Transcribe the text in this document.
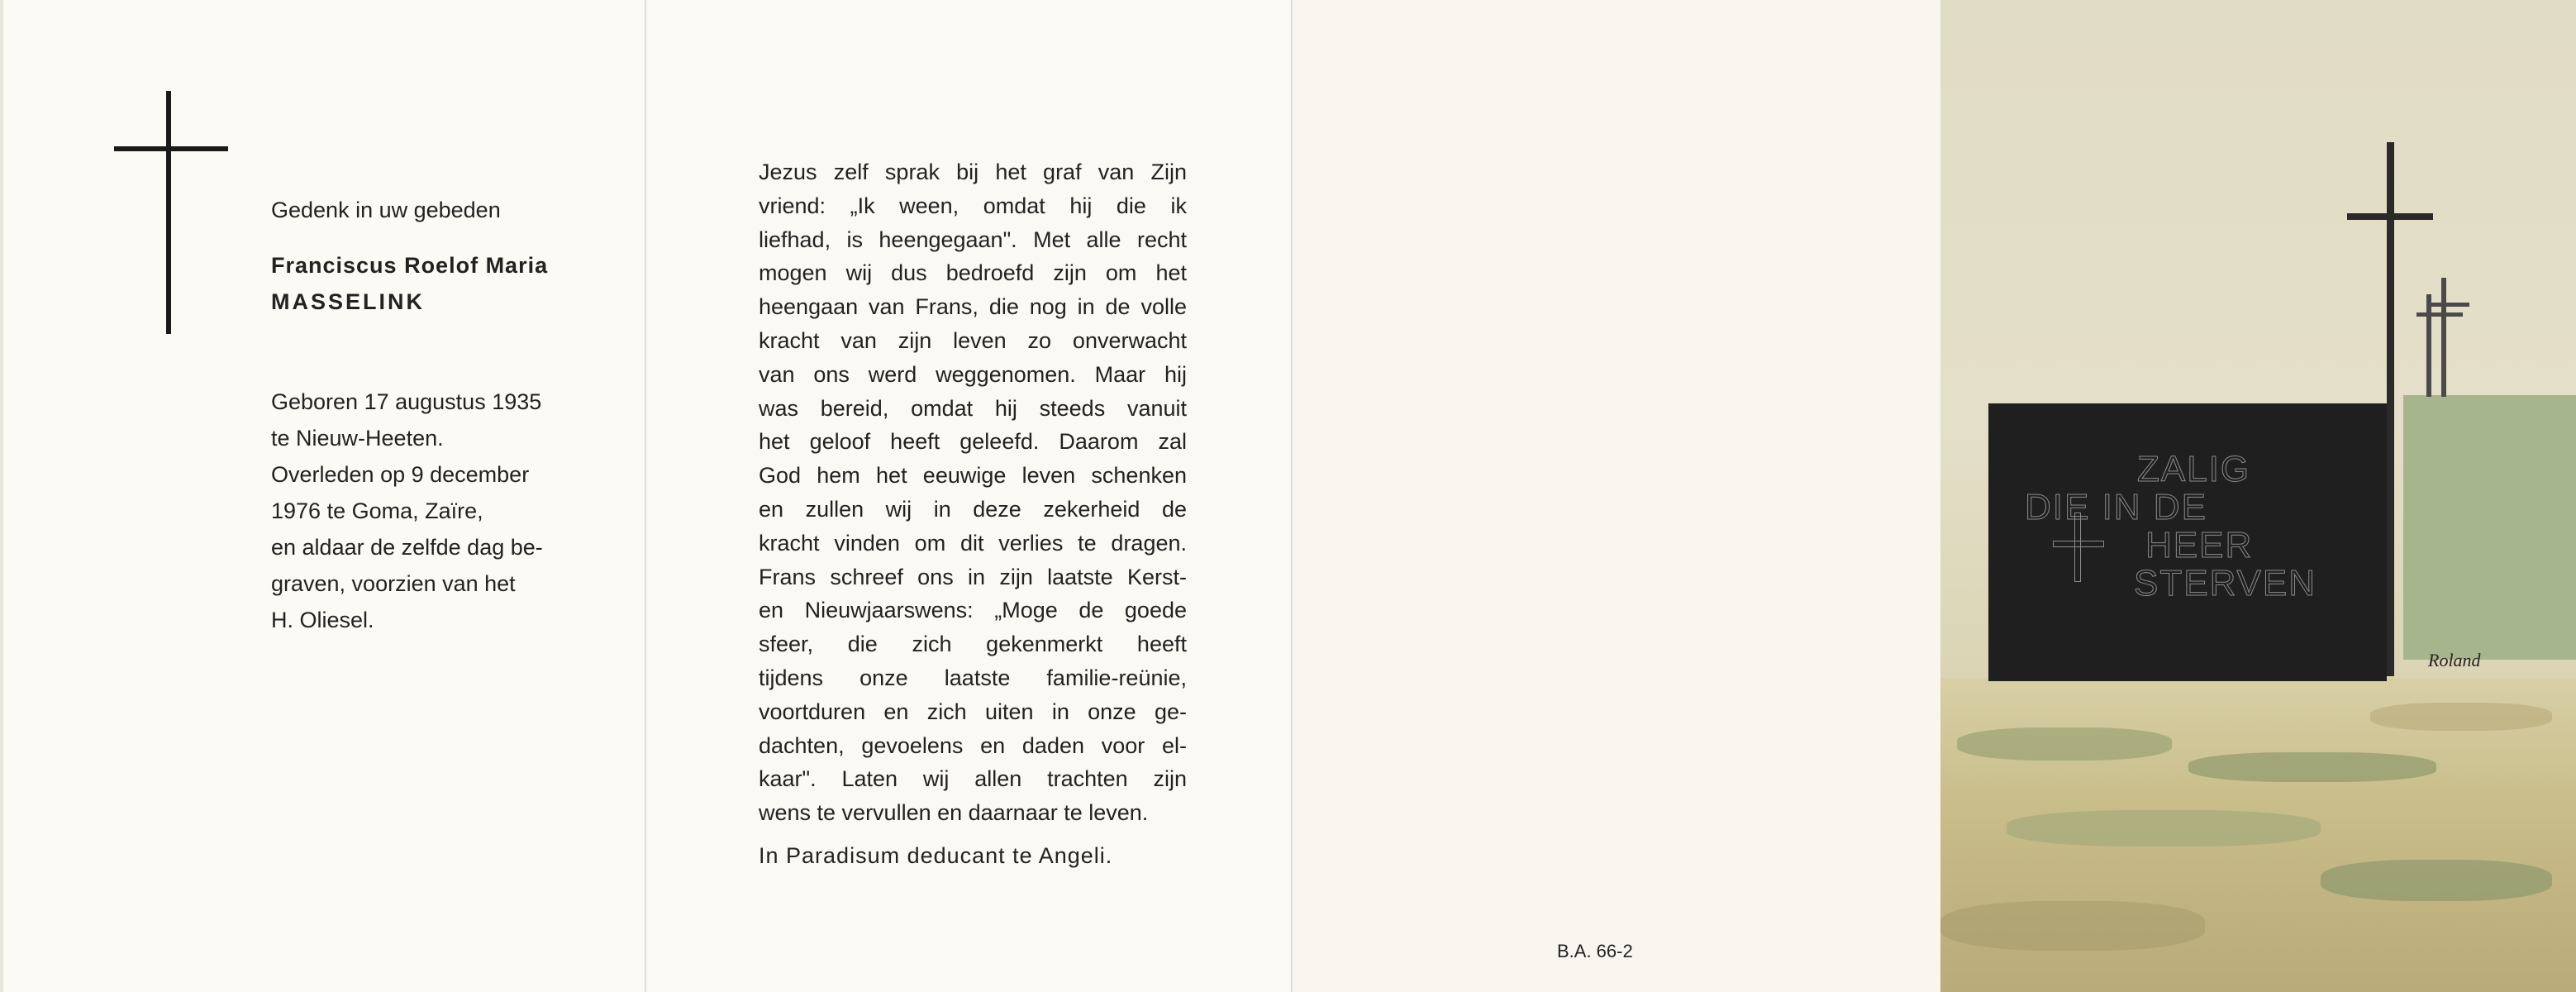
Gedenk in uw gebeden
Franciscus Roelof Maria
MASSELINK
Geboren 17 augustus 1935
te Nieuw-Heeten.
Overleden op 9 december
1976 te Goma, Zaïre,
en aldaar de zelfde dag be-
graven, voorzien van het
H. Oliesel.
Jezus zelf sprak bij het graf van Zijn
vriend: „Ik ween, omdat hij die ik
liefhad, is heengegaan". Met alle recht
mogen wij dus bedroefd zijn om het
heengaan van Frans, die nog in de volle
kracht van zijn leven zo onverwacht
van ons werd weggenomen. Maar hij
was bereid, omdat hij steeds vanuit
het geloof heeft geleefd. Daarom zal
God hem het eeuwige leven schenken
en zullen wij in deze zekerheid de
kracht vinden om dit verlies te dragen.
Frans schreef ons in zijn laatste Kerst-
en Nieuwjaarswens: „Moge de goede
sfeer, die zich gekenmerkt heeft
tijdens onze laatste familie-reünie,
voortduren en zich uiten in onze ge-
dachten, gevoelens en daden voor el-
kaar". Laten wij allen trachten zijn
wens te vervullen en daarnaar te leven.
In Paradisum deducant te Angeli.
B.A. 66-2
ZALIG
DIE IN DE
HEER
STERVEN
Roland
